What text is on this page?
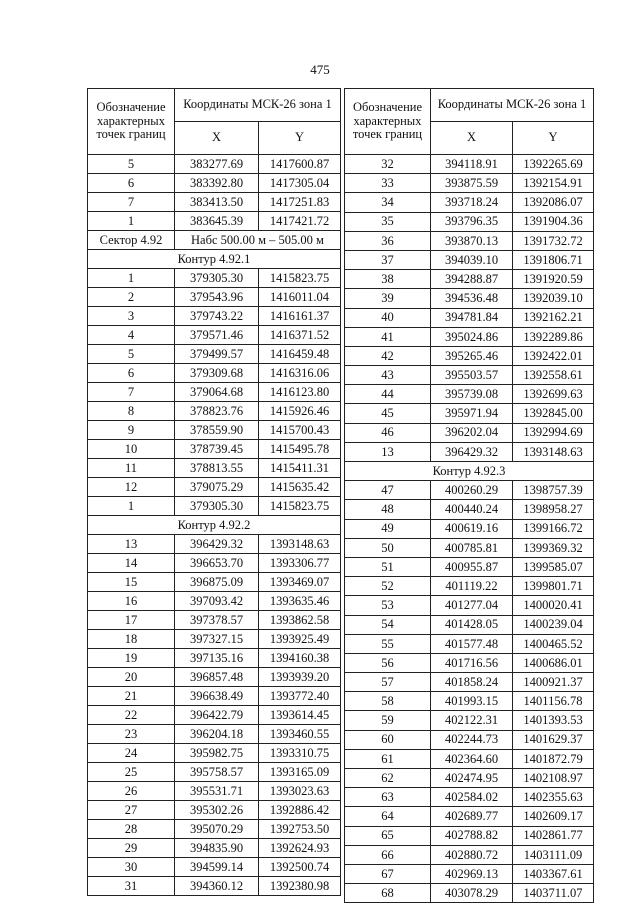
475
Обозначение характерных точек границ	Координаты МСК-26 зона 1	
	X	Y
5	383277.69	1417600.87
6	383392.80	1417305.04
7	383413.50	1417251.83
1	383645.39	1417421.72
Сектор 4.92	Набс 500.00 м – 505.00 м	
Контур 4.92.1		
1	379305.30	1415823.75
2	379543.96	1416011.04
3	379743.22	1416161.37
4	379571.46	1416371.52
5	379499.57	1416459.48
6	379309.68	1416316.06
7	379064.68	1416123.80
8	378823.76	1415926.46
9	378559.90	1415700.43
10	378739.45	1415495.78
11	378813.55	1415411.31
12	379075.29	1415635.42
1	379305.30	1415823.75
Контур 4.92.2		
13	396429.32	1393148.63
14	396653.70	1393306.77
15	396875.09	1393469.07
16	397093.42	1393635.46
17	397378.57	1393862.58
18	397327.15	1393925.49
19	397135.16	1394160.38
20	396857.48	1393939.20
21	396638.49	1393772.40
22	396422.79	1393614.45
23	396204.18	1393460.55
24	395982.75	1393310.75
25	395758.57	1393165.09
26	395531.71	1393023.63
27	395302.26	1392886.42
28	395070.29	1392753.50
29	394835.90	1392624.93
30	394599.14	1392500.74
31	394360.12	1392380.98
Обозначение характерных точек границ	Координаты МСК-26 зона 1	
	X	Y
32	394118.91	1392265.69
33	393875.59	1392154.91
34	393718.24	1392086.07
35	393796.35	1391904.36
36	393870.13	1391732.72
37	394039.10	1391806.71
38	394288.87	1391920.59
39	394536.48	1392039.10
40	394781.84	1392162.21
41	395024.86	1392289.86
42	395265.46	1392422.01
43	395503.57	1392558.61
44	395739.08	1392699.63
45	395971.94	1392845.00
46	396202.04	1392994.69
13	396429.32	1393148.63
Контур 4.92.3		
47	400260.29	1398757.39
48	400440.24	1398958.27
49	400619.16	1399166.72
50	400785.81	1399369.32
51	400955.87	1399585.07
52	401119.22	1399801.71
53	401277.04	1400020.41
54	401428.05	1400239.04
55	401577.48	1400465.52
56	401716.56	1400686.01
57	401858.24	1400921.37
58	401993.15	1401156.78
59	402122.31	1401393.53
60	402244.73	1401629.37
61	402364.60	1401872.79
62	402474.95	1402108.97
63	402584.02	1402355.63
64	402689.77	1402609.17
65	402788.82	1402861.77
66	402880.72	1403111.09
67	402969.13	1403367.61
68	403078.29	1403711.07
